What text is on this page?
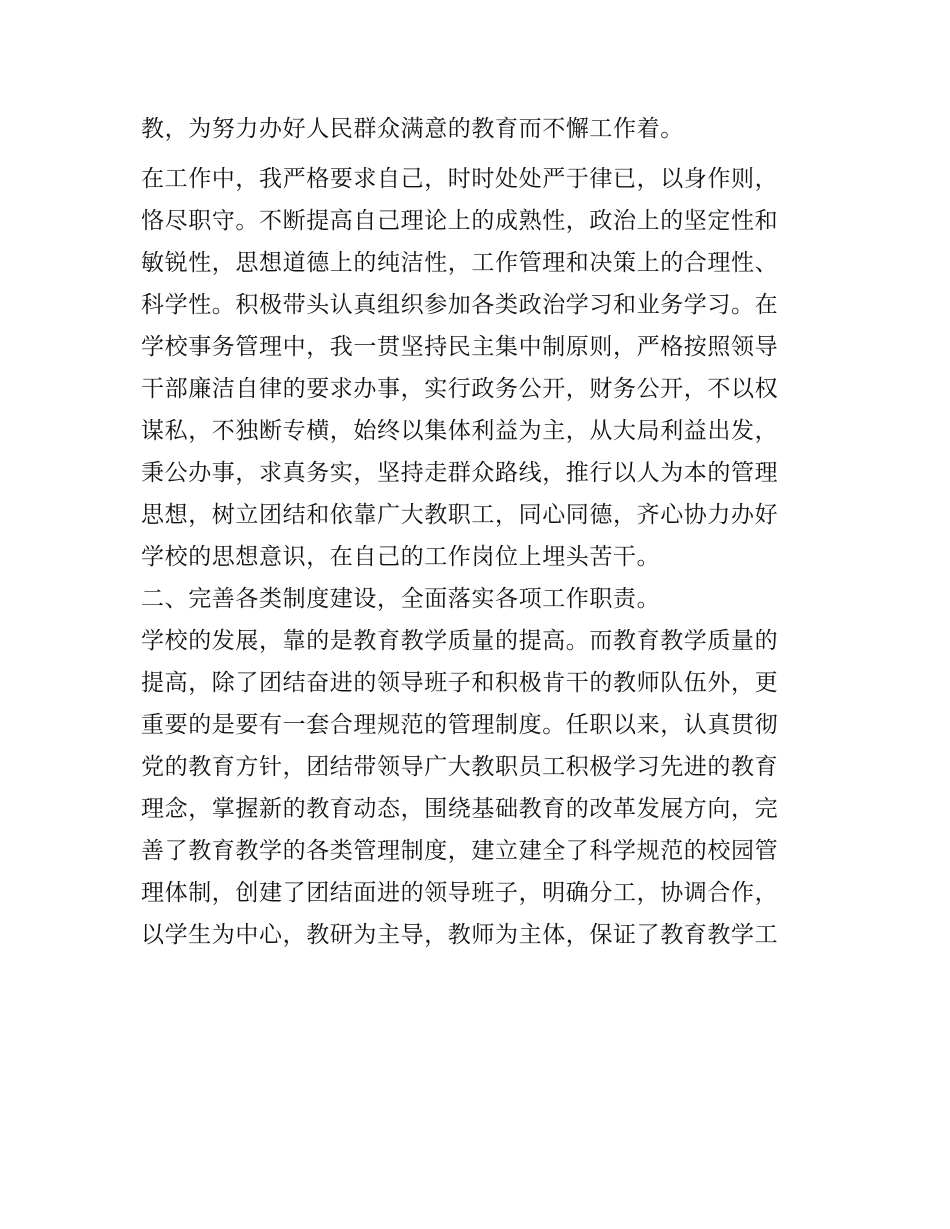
教，为努力办好人民群众满意的教育而不懈工作着。
在工作中，我严格要求自己，时时处处严于律已，以身作则，
恪尽职守。不断提高自己理论上的成熟性，政治上的坚定性和
敏锐性，思想道德上的纯洁性，工作管理和决策上的合理性、
科学性。积极带头认真组织参加各类政治学习和业务学习。在
学校事务管理中，我一贯坚持民主集中制原则，严格按照领导
干部廉洁自律的要求办事，实行政务公开，财务公开，不以权
谋私，不独断专横，始终以集体利益为主，从大局利益出发，
秉公办事，求真务实，坚持走群众路线，推行以人为本的管理
思想，树立团结和依靠广大教职工，同心同德，齐心协力办好
学校的思想意识，在自己的工作岗位上埋头苦干。
二、完善各类制度建设，全面落实各项工作职责。
学校的发展，靠的是教育教学质量的提高。而教育教学质量的
提高，除了团结奋进的领导班子和积极肯干的教师队伍外，更
重要的是要有一套合理规范的管理制度。任职以来，认真贯彻
党的教育方针，团结带领导广大教职员工积极学习先进的教育
理念，掌握新的教育动态，围绕基础教育的改革发展方向，完
善了教育教学的各类管理制度，建立建全了科学规范的校园管
理体制，创建了团结面进的领导班子，明确分工，协调合作，
以学生为中心，教研为主导，教师为主体，保证了教育教学工
